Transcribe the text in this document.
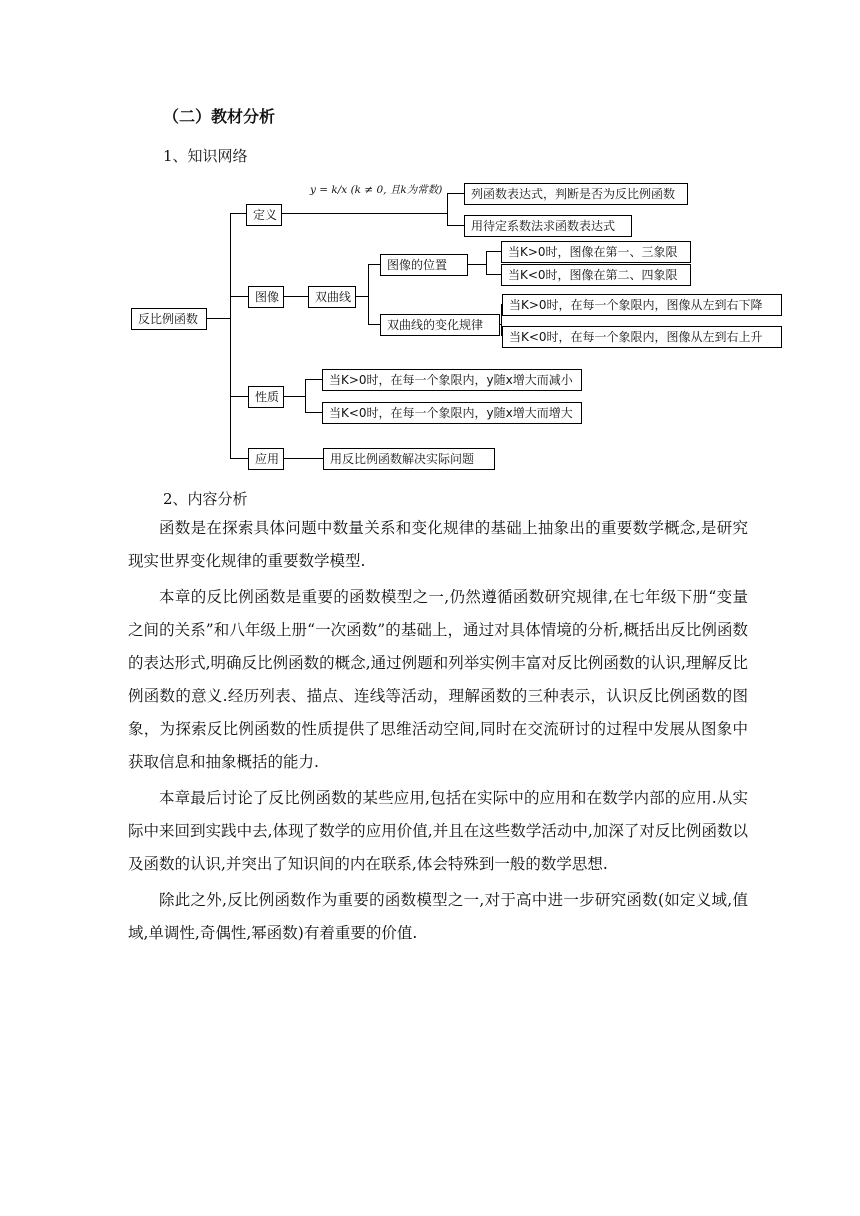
（二）教材分析
1、知识网络
y = k/x (k ≠ 0, 且k为常数)
反比例函数
定义
图像
性质
应用
列函数表达式，判断是否为反比例函数
用待定系数法求函数表达式
双曲线
图像的位置
双曲线的变化规律
当K>0时，图像在第一、三象限
当K<0时，图像在第二、四象限
当K>0时，在每一个象限内，图像从左到右下降
当K<0时，在每一个象限内，图像从左到右上升
当K>0时，在每一个象限内，y随x增大而减小
当K<0时，在每一个象限内，y随x增大而增大
用反比例函数解决实际问题
2、内容分析

函数是在探索具体问题中数量关系和变化规律的基础上抽象出的重要数学概念,是研究现实世界变化规律的重要数学模型.

本章的反比例函数是重要的函数模型之一,仍然遵循函数研究规律,在七年级下册“变量之间的关系”和八年级上册“一次函数”的基础上，通过对具体情境的分析,概括出反比例函数的表达形式,明确反比例函数的概念,通过例题和列举实例丰富对反比例函数的认识,理解反比例函数的意义.经历列表、描点、连线等活动，理解函数的三种表示，认识反比例函数的图象，为探索反比例函数的性质提供了思维活动空间,同时在交流研讨的过程中发展从图象中获取信息和抽象概括的能力.

本章最后讨论了反比例函数的某些应用,包括在实际中的应用和在数学内部的应用.从实际中来回到实践中去,体现了数学的应用价值,并且在这些数学活动中,加深了对反比例函数以及函数的认识,并突出了知识间的内在联系,体会特殊到一般的数学思想.

除此之外,反比例函数作为重要的函数模型之一,对于高中进一步研究函数(如定义域,值域,单调性,奇偶性,幂函数)有着重要的价值.
